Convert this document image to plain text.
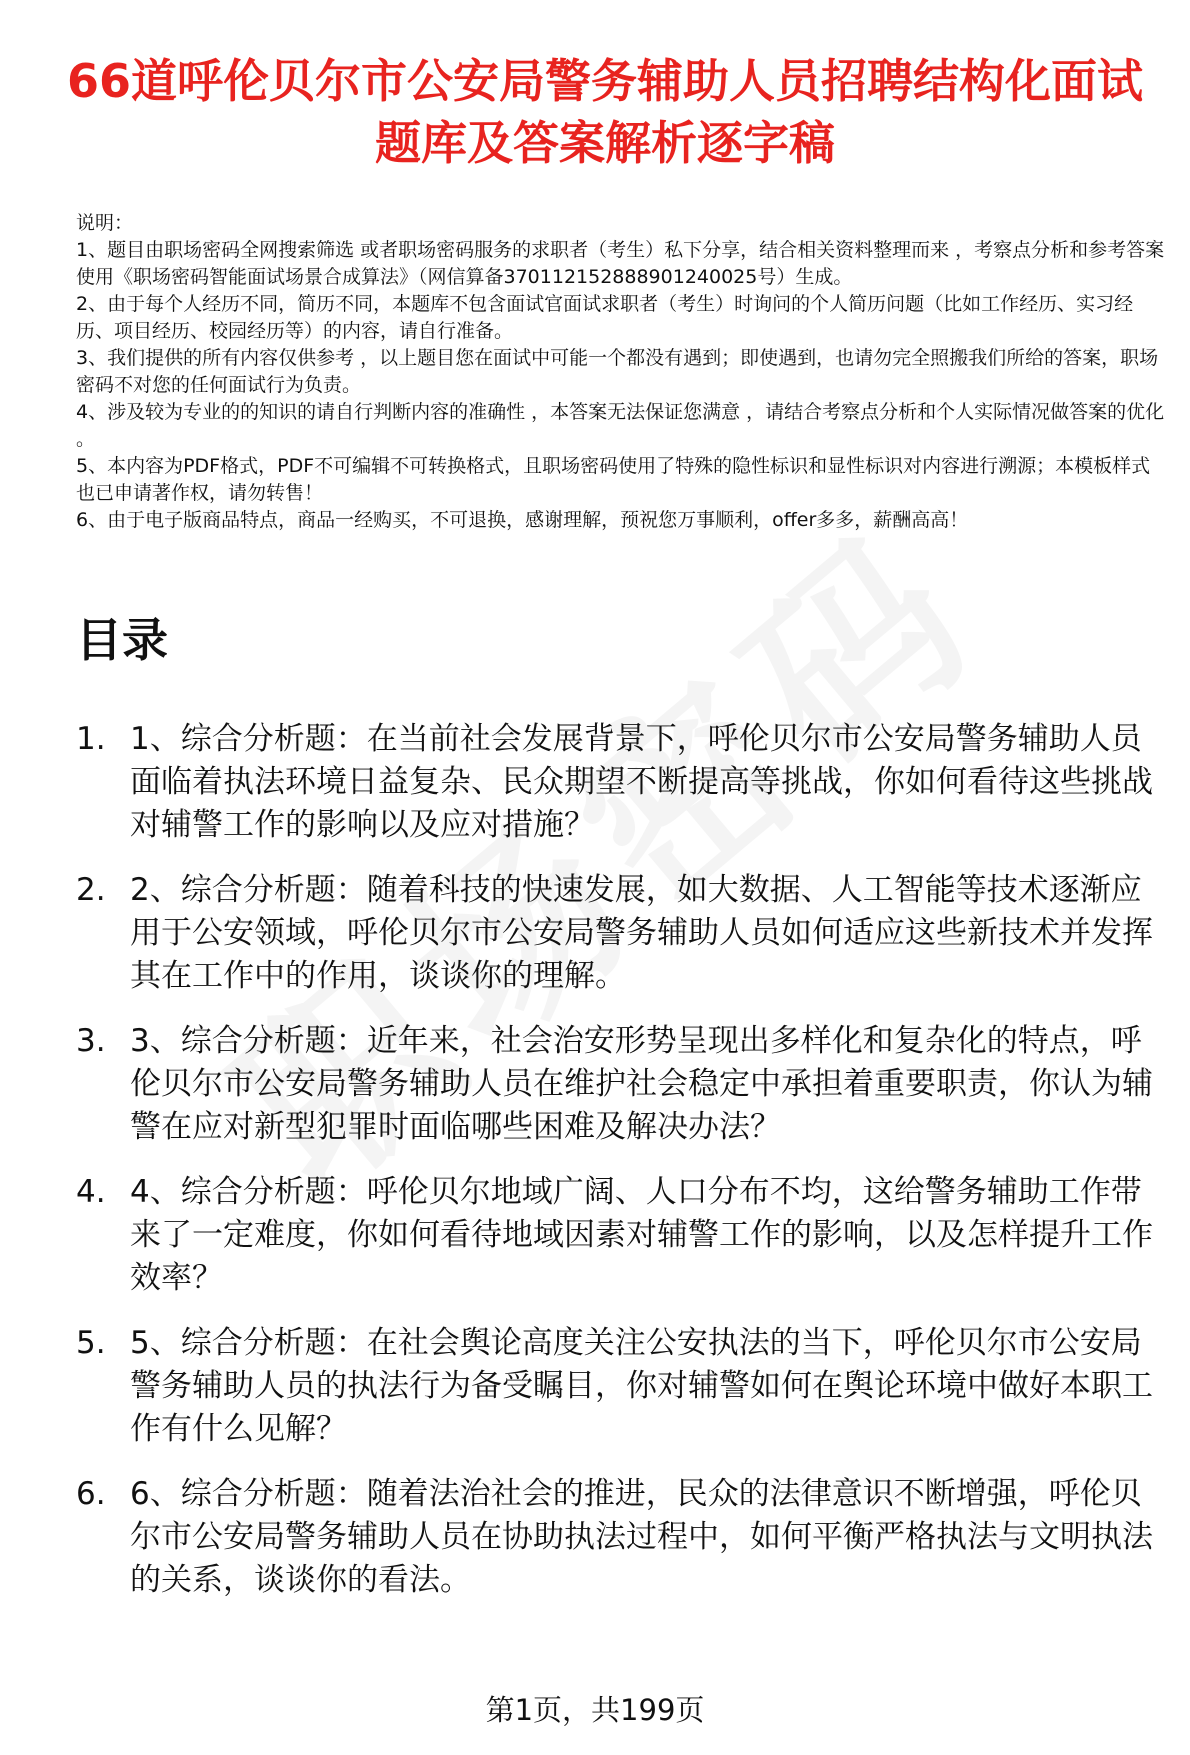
66道呼伦贝尔市公安局警务辅助人员招聘结构化面试题库及答案解析逐字稿

说明：

1、题目由职场密码全网搜索筛选 或者职场密码服务的求职者（考生）私下分享，结合相关资料整理而来 ，考察点分析和参考答案使用《职场密码智能面试场景合成算法》（网信算备370112152888901240025号）生成。

2、由于每个人经历不同，简历不同，本题库不包含面试官面试求职者（考生）时询问的个人简历问题（比如工作经历、实习经历、项目经历、校园经历等）的内容，请自行准备。

3、我们提供的所有内容仅供参考 ，以上题目您在面试中可能一个都没有遇到；即使遇到，也请勿完全照搬我们所给的答案，职场密码不对您的任何面试行为负责。

4、涉及较为专业的的知识的请自行判断内容的准确性 ，本答案无法保证您满意 ，请结合考察点分析和个人实际情况做答案的优化 。

5、本内容为PDF格式，PDF不可编辑不可转换格式，且职场密码使用了特殊的隐性标识和显性标识对内容进行溯源；本模板样式也已申请著作权，请勿转售！

6、由于电子版商品特点，商品一经购买，不可退换，感谢理解，预祝您万事顺利，offer多多，薪酬高高！

目录
1. 1、综合分析题：在当前社会发展背景下，呼伦贝尔市公安局警务辅助人员面临着执法环境日益复杂、民众期望不断提高等挑战，你如何看待这些挑战对辅警工作的影响以及应对措施？
2. 2、综合分析题：随着科技的快速发展，如大数据、人工智能等技术逐渐应用于公安领域，呼伦贝尔市公安局警务辅助人员如何适应这些新技术并发挥其在工作中的作用，谈谈你的理解。
3. 3、综合分析题：近年来，社会治安形势呈现出多样化和复杂化的特点，呼伦贝尔市公安局警务辅助人员在维护社会稳定中承担着重要职责，你认为辅警在应对新型犯罪时面临哪些困难及解决办法？
4. 4、综合分析题：呼伦贝尔地域广阔、人口分布不均，这给警务辅助工作带来了一定难度，你如何看待地域因素对辅警工作的影响，以及怎样提升工作效率？
5. 5、综合分析题：在社会舆论高度关注公安执法的当下，呼伦贝尔市公安局警务辅助人员的执法行为备受瞩目，你对辅警如何在舆论环境中做好本职工作有什么见解？
6. 6、综合分析题：随着法治社会的推进，民众的法律意识不断增强，呼伦贝尔市公安局警务辅助人员在协助执法过程中，如何平衡严格执法与文明执法的关系，谈谈你的看法。
第1页，共199页
